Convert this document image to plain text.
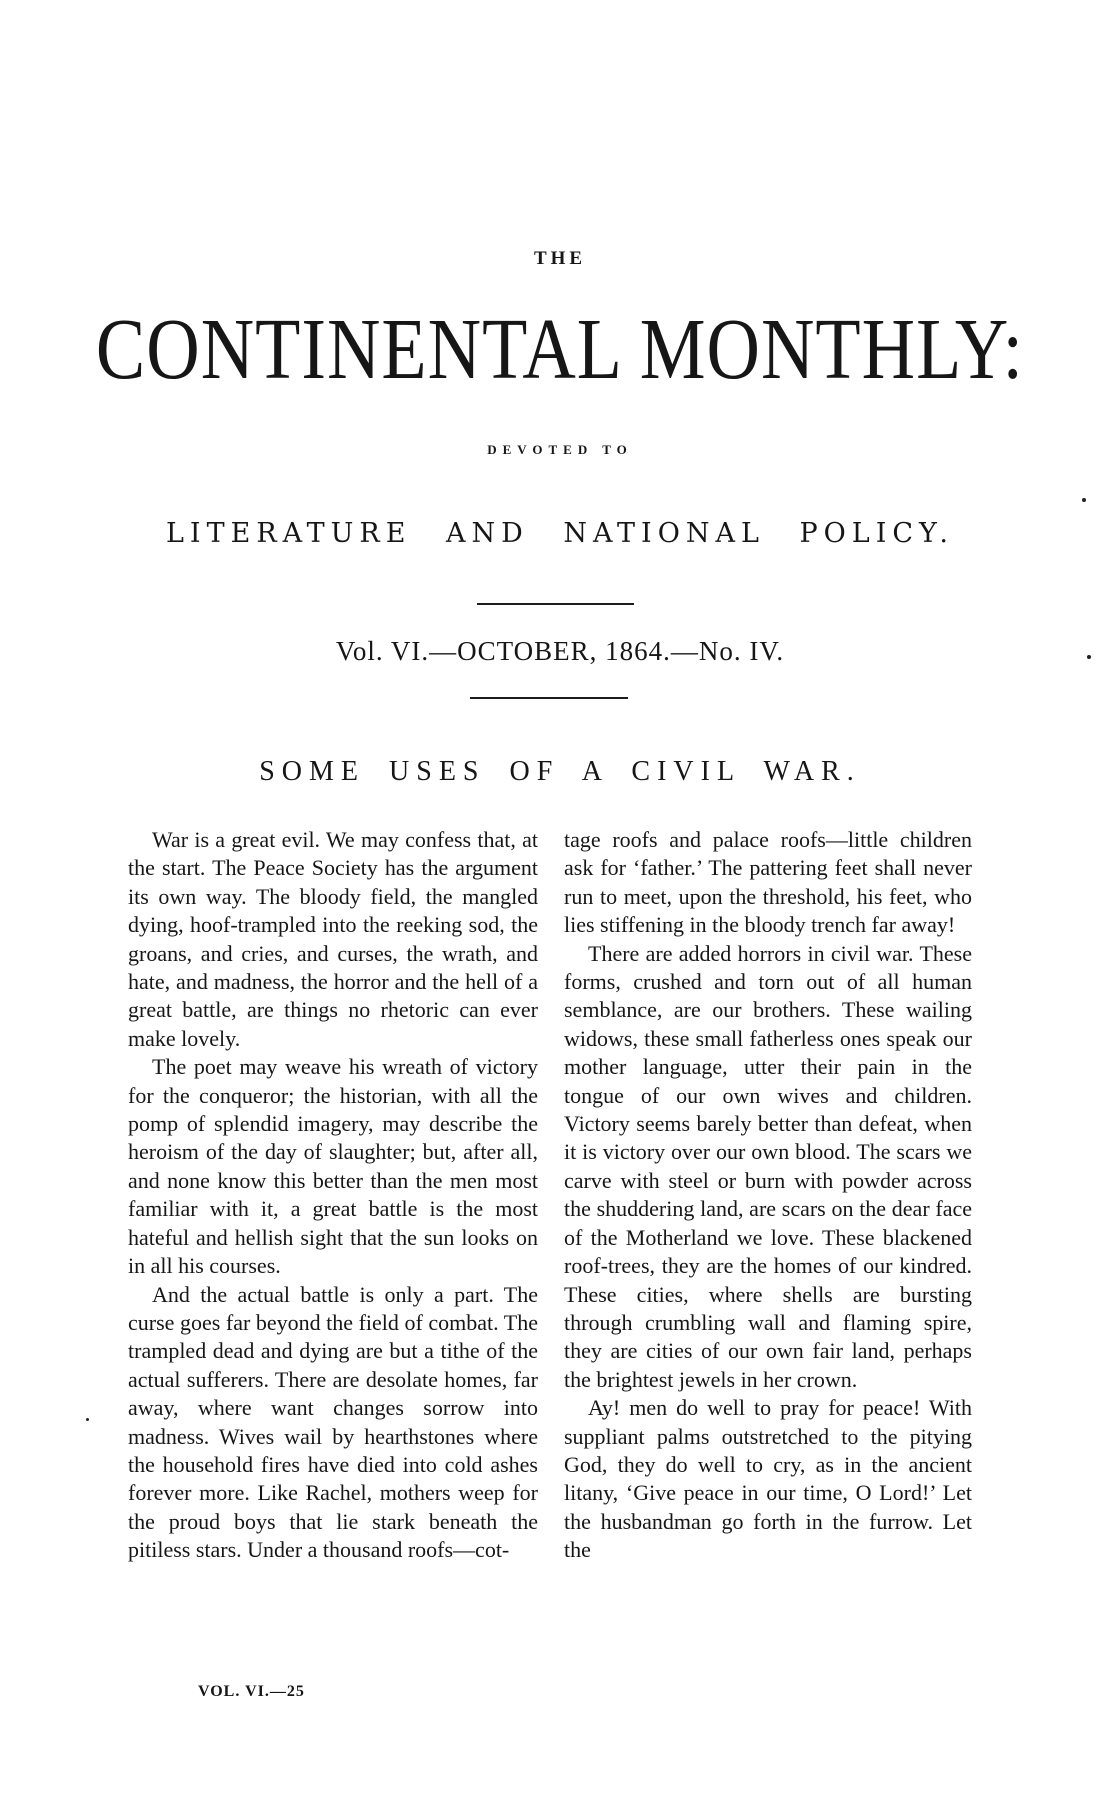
THE
CONTINENTAL MONTHLY:
DEVOTED TO
LITERATURE AND NATIONAL POLICY.
Vol. VI.—OCTOBER, 1864.—No. IV.
SOME USES OF A CIVIL WAR.

War is a great evil. We may confess that, at the start. The Peace Society has the argument its own way. The bloody field, the mangled dying, hoof-trampled into the reeking sod, the groans, and cries, and curses, the wrath, and hate, and madness, the horror and the hell of a great battle, are things no rhetoric can ever make lovely.

The poet may weave his wreath of victory for the conqueror; the historian, with all the pomp of splendid imagery, may describe the heroism of the day of slaughter; but, after all, and none know this better than the men most familiar with it, a great battle is the most hateful and hellish sight that the sun looks on in all his courses.

And the actual battle is only a part. The curse goes far beyond the field of combat. The trampled dead and dying are but a tithe of the actual sufferers. There are desolate homes, far away, where want changes sorrow into madness. Wives wail by hearthstones where the household fires have died into cold ashes forever more. Like Rachel, mothers weep for the proud boys that lie stark beneath the pitiless stars. Under a thousand roofs—cot-

tage roofs and palace roofs—little children ask for ‘father.’ The pattering feet shall never run to meet, upon the threshold, his feet, who lies stiffening in the bloody trench far away!

There are added horrors in civil war. These forms, crushed and torn out of all human semblance, are our brothers. These wailing widows, these small fatherless ones speak our mother language, utter their pain in the tongue of our own wives and children. Victory seems barely better than defeat, when it is victory over our own blood. The scars we carve with steel or burn with powder across the shuddering land, are scars on the dear face of the Motherland we love. These blackened roof-trees, they are the homes of our kindred. These cities, where shells are bursting through crumbling wall and flaming spire, they are cities of our own fair land, perhaps the brightest jewels in her crown.

Ay! men do well to pray for peace! With suppliant palms outstretched to the pitying God, they do well to cry, as in the ancient litany, ‘Give peace in our time, O Lord!’ Let the husbandman go forth in the furrow. Let the

VOL. VI.—25
